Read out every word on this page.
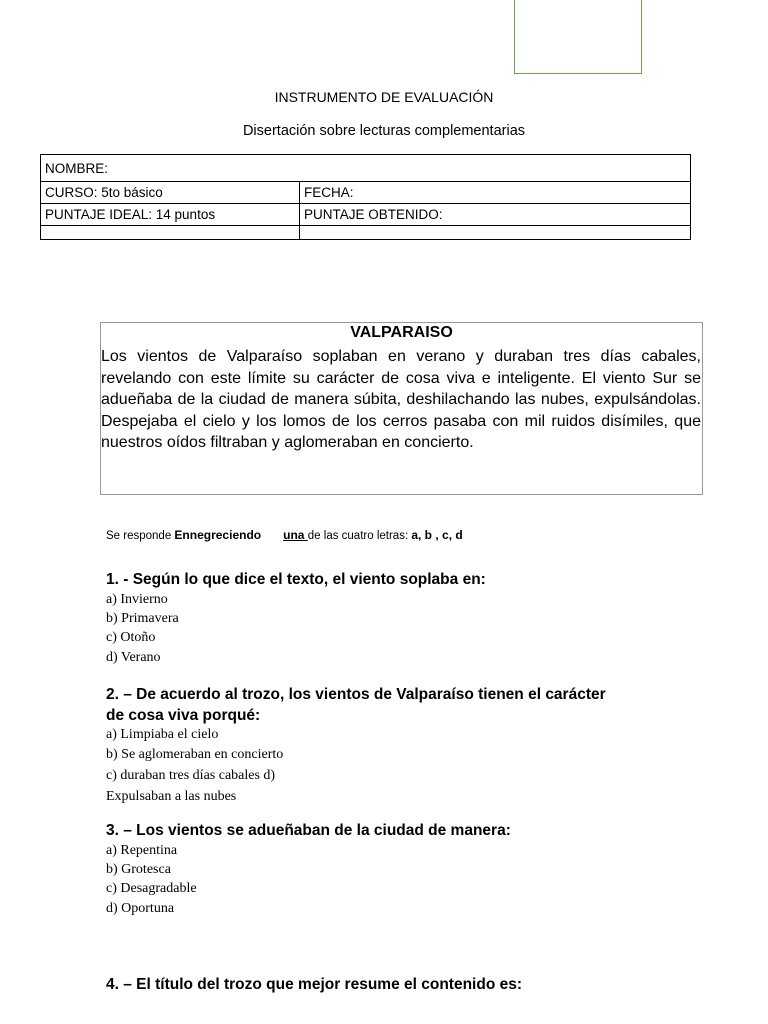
INSTRUMENTO DE EVALUACIÓN
Disertación sobre lecturas complementarias
NOMBRE:	
CURSO: 5to básico	FECHA:
PUNTAJE IDEAL: 14 puntos	PUNTAJE OBTENIDO:

VALPARAISO
Los vientos de Valparaíso soplaban en verano y duraban tres días cabales, revelando con este límite su carácter de cosa viva e inteligente. El viento Sur se adueñaba de la ciudad de manera súbita, deshilachando las nubes, expulsándolas. Despejaba el cielo y los lomos de los cerros pasaba con mil ruidos disímiles, que nuestros oídos filtraban y aglomeraban en concierto.
Se responde Ennegreciendo una de las cuatro letras: a, b , c, d
1. - Según lo que dice el texto, el viento soplaba en:
a) Invierno
b) Primavera
c) Otoño
d) Verano
2. – De acuerdo al trozo, los vientos de Valparaíso tienen el carácter
de cosa viva porqué:
a) Limpiaba el cielo
b) Se aglomeraban en concierto
c) duraban tres días cabales d)
Expulsaban a las nubes
3. – Los vientos se adueñaban de la ciudad de manera:
a) Repentina
b) Grotesca
c) Desagradable
d) Oportuna
4. – El título del trozo que mejor resume el contenido es:
